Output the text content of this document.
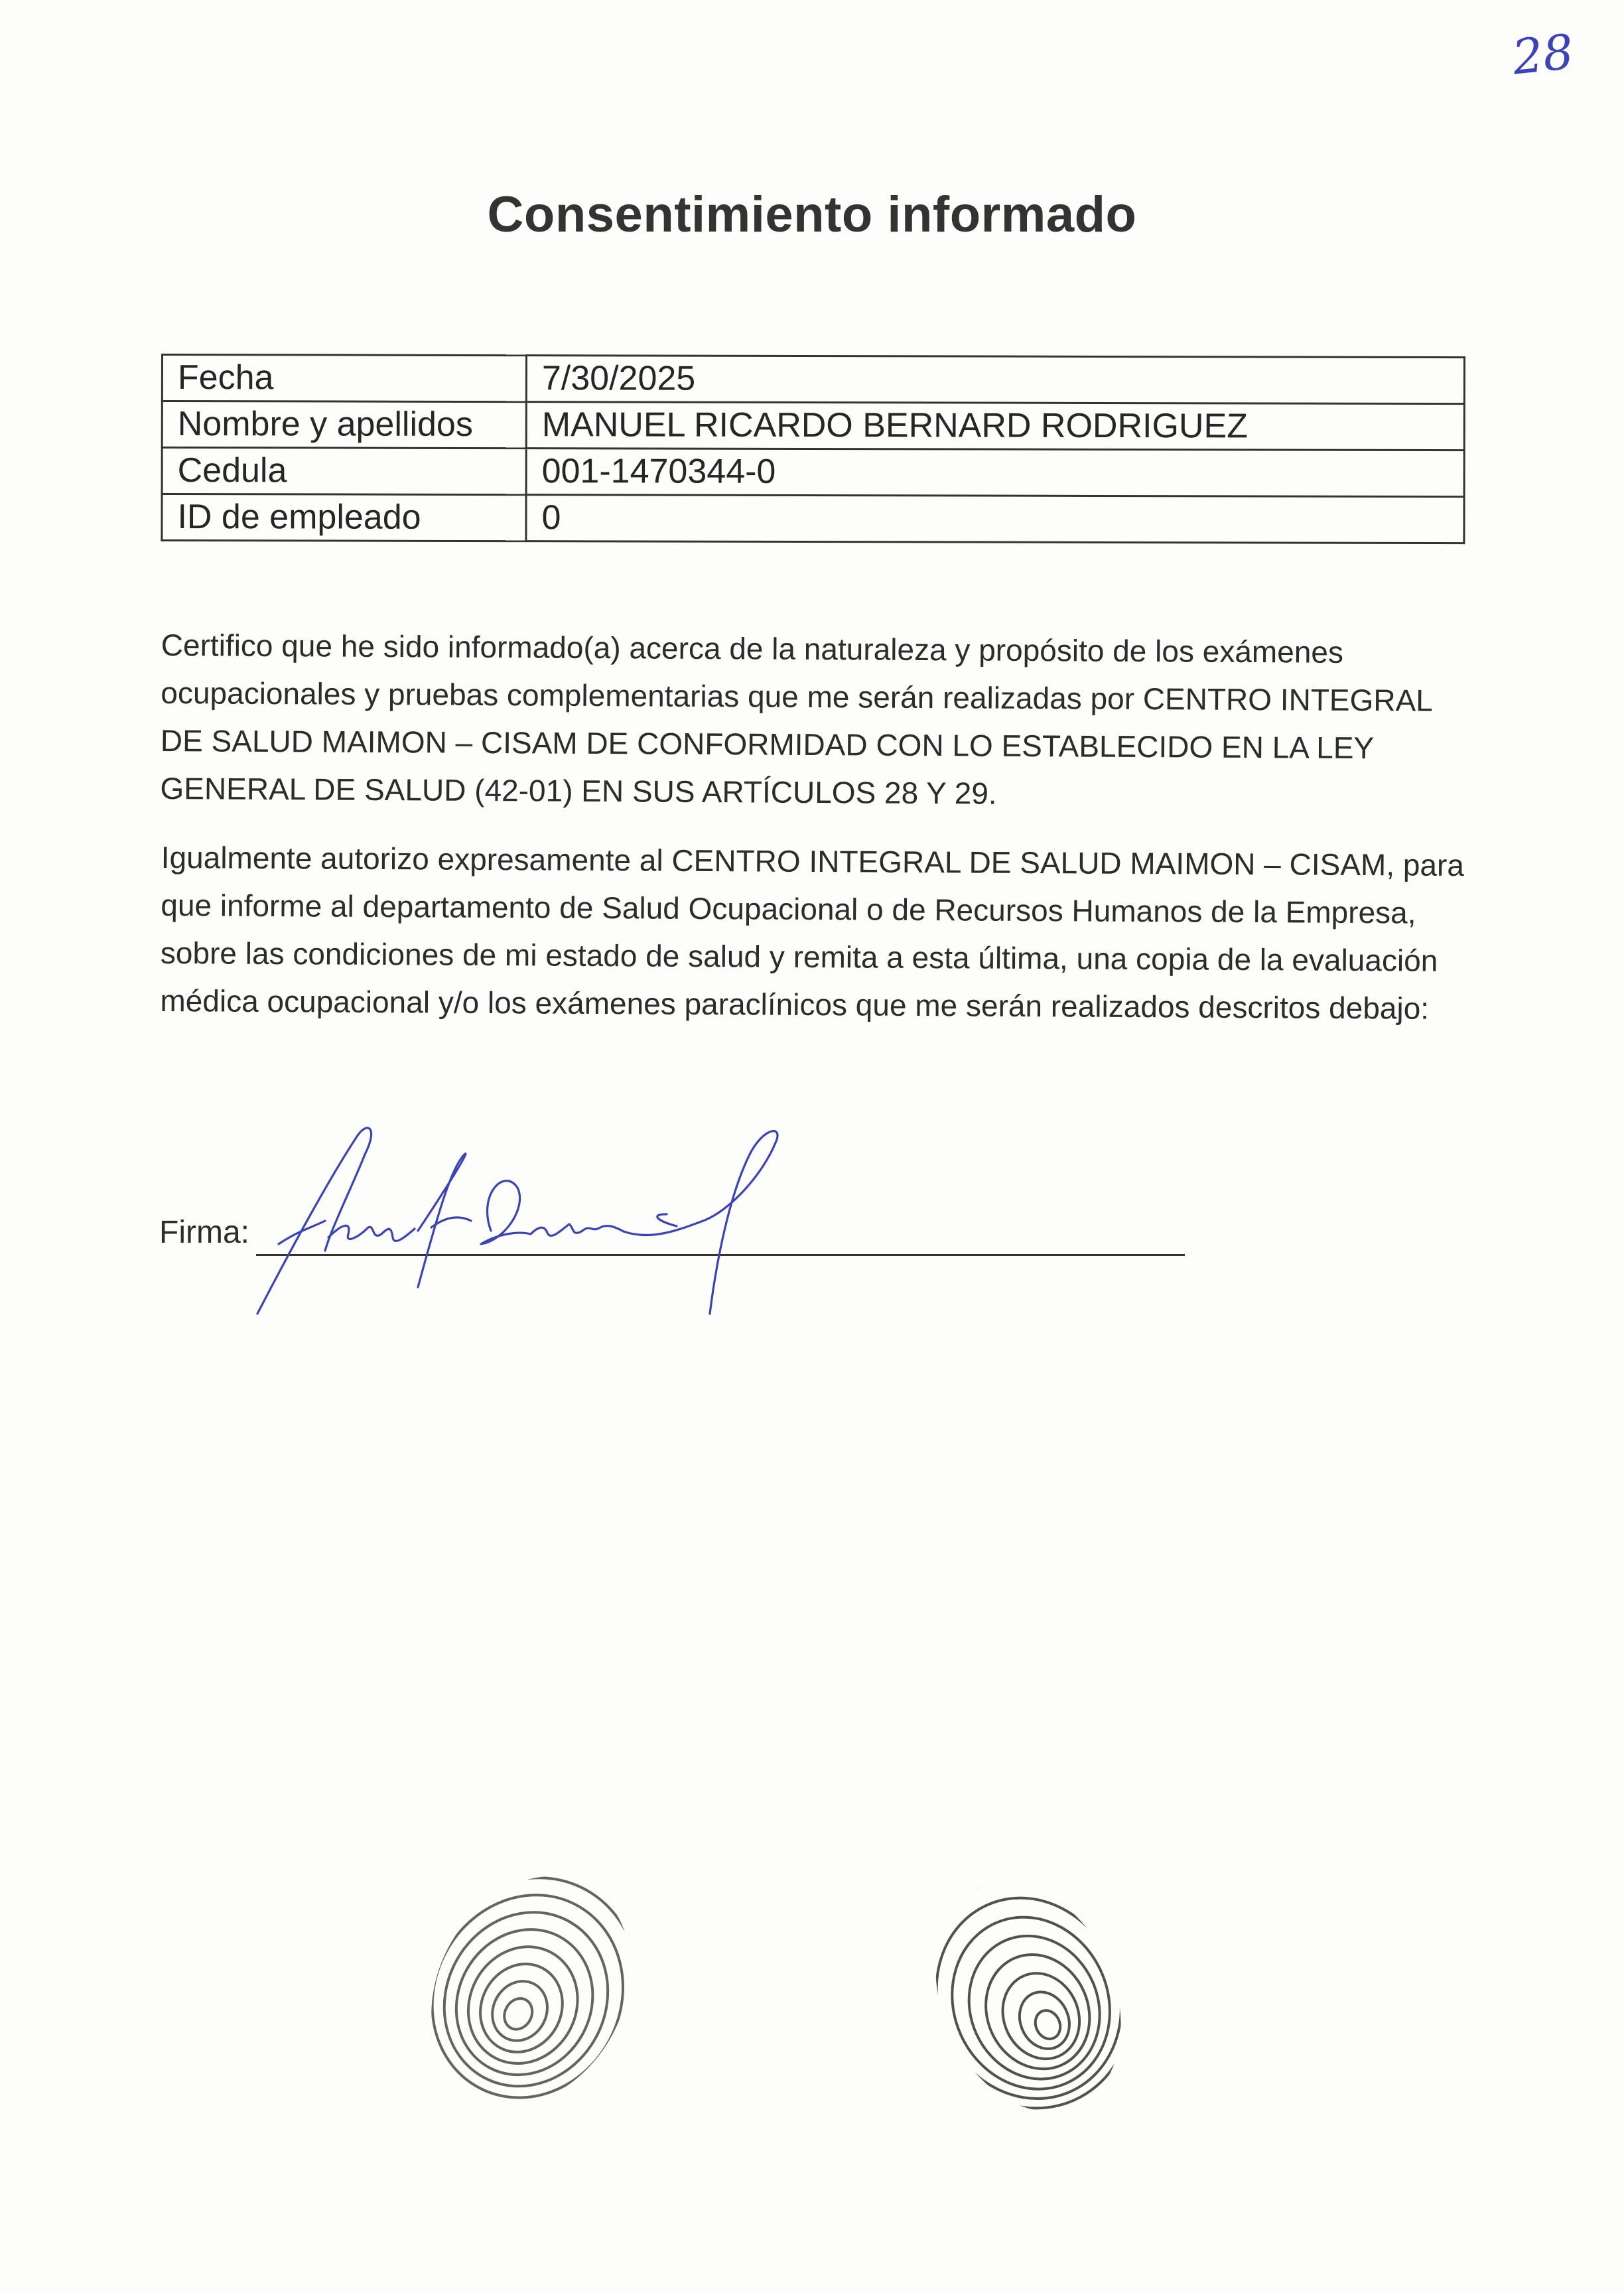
28
Consentimiento informado
Fecha	7/30/2025
Nombre y apellidos	MANUEL RICARDO BERNARD RODRIGUEZ
Cedula	001-1470344-0
ID de empleado	0
Certifico que he sido informado(a) acerca de la naturaleza y propósito de los exámenes ocupacionales y pruebas complementarias que me serán realizadas por CENTRO INTEGRAL DE SALUD MAIMON – CISAM DE CONFORMIDAD CON LO ESTABLECIDO EN LA LEY GENERAL DE SALUD (42-01) EN SUS ARTÍCULOS 28 Y 29.
Igualmente autorizo expresamente al CENTRO INTEGRAL DE SALUD MAIMON – CISAM, para que informe al departamento de Salud Ocupacional o de Recursos Humanos de la Empresa, sobre las condiciones de mi estado de salud y remita a esta última, una copia de la evaluación médica ocupacional y/o los exámenes paraclínicos que me serán realizados descritos debajo:
Firma:
